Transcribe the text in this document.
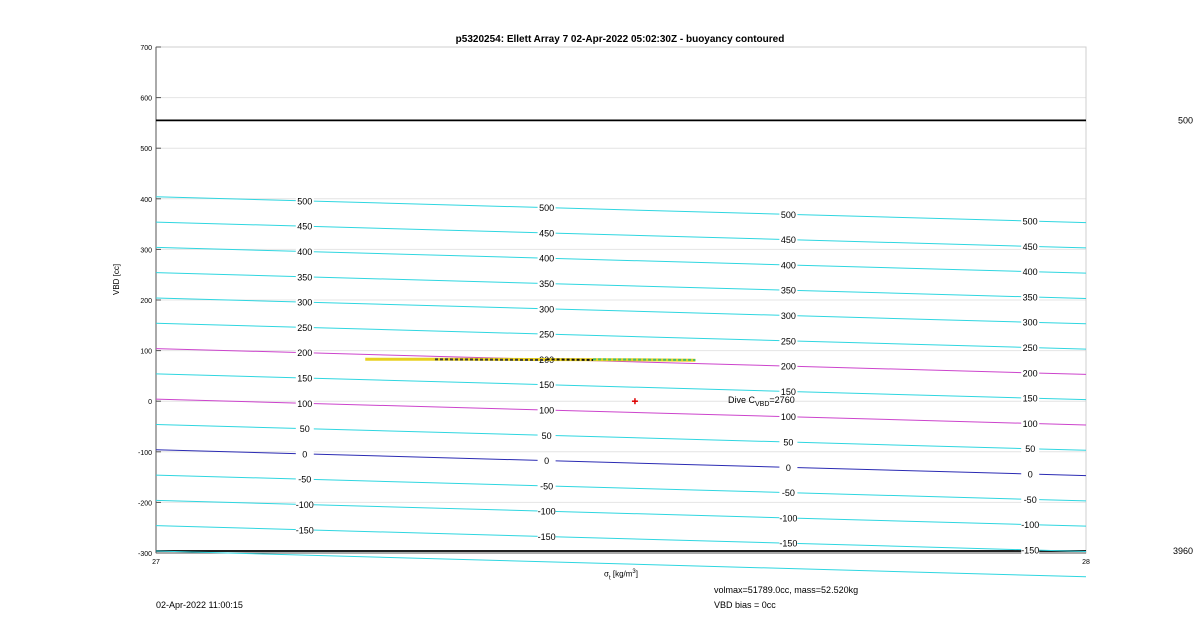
700
600
500
400
300
200
100
0
-100
-200
-300
27	28
500
3960
500
500
500
500
450
450
450
450
400
400
400
400
350
350
350
350
300
300
300
300
250
250
250
250
200
200
200
200
150
150
150
150
100
100
100
100
50
50
50
50
0
0
0
0
-50
-50
-50
-50
-100
-100
-100
-100
-150
-150
-150
-150
p5320254: Ellett Array 7 02-Apr-2022 05:02:30Z - buoyancy contoured
VBD [cc]
$\sigma_t$ $[kg/m^3]$
Dive $C_{VBD}=2760$
02-Apr-2022 11:00:15
volmax=51789.0cc, mass=52.520kg
VBD bias = 0cc
